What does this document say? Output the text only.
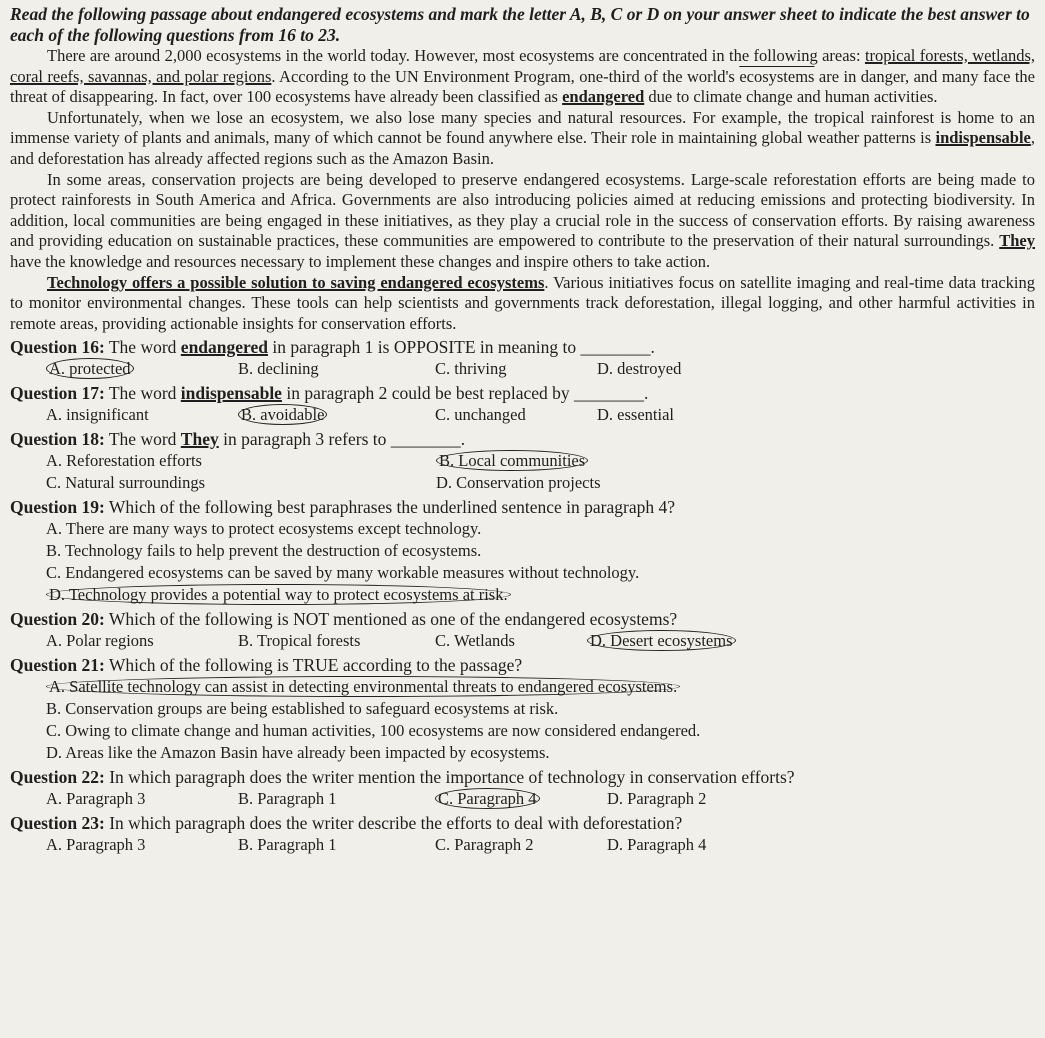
Read the following passage about endangered ecosystems and mark the letter A, B, C or D on your answer sheet to indicate the best answer to each of the following questions from 16 to 23.

There are around 2,000 ecosystems in the world today. However, most ecosystems are concentrated in the following areas: tropical forests, wetlands, coral reefs, savannas, and polar regions. According to the UN Environment Program, one-third of the world's ecosystems are in danger, and many face the threat of disappearing. In fact, over 100 ecosystems have already been classified as endangered due to climate change and human activities.

Unfortunately, when we lose an ecosystem, we also lose many species and natural resources. For example, the tropical rainforest is home to an immense variety of plants and animals, many of which cannot be found anywhere else. Their role in maintaining global weather patterns is indispensable, and deforestation has already affected regions such as the Amazon Basin.

In some areas, conservation projects are being developed to preserve endangered ecosystems. Large-scale reforestation efforts are being made to protect rainforests in South America and Africa. Governments are also introducing policies aimed at reducing emissions and protecting biodiversity. In addition, local communities are being engaged in these initiatives, as they play a crucial role in the success of conservation efforts. By raising awareness and providing education on sustainable practices, these communities are empowered to contribute to the preservation of their natural surroundings. They have the knowledge and resources necessary to implement these changes and inspire others to take action.

Technology offers a possible solution to saving endangered ecosystems. Various initiatives focus on satellite imaging and real-time data tracking to monitor environmental changes. These tools can help scientists and governments track deforestation, illegal logging, and other harmful activities in remote areas, providing actionable insights for conservation efforts.

Question 16: The word endangered in paragraph 1 is OPPOSITE in meaning to ________.

A. protected	B. declining	C. thriving	D. destroyed

Question 17: The word indispensable in paragraph 2 could be best replaced by ________.

A. insignificant	B. avoidable	C. unchanged	D. essential

Question 18: The word They in paragraph 3 refers to ________.

A. Reforestation efforts	B. Local communities
C. Natural surroundings	D. Conservation projects

Question 19: Which of the following best paraphrases the underlined sentence in paragraph 4?

A. There are many ways to protect ecosystems except technology.
B. Technology fails to help prevent the destruction of ecosystems.
C. Endangered ecosystems can be saved by many workable measures without technology.
D. Technology provides a potential way to protect ecosystems at risk.

Question 20: Which of the following is NOT mentioned as one of the endangered ecosystems?

A. Polar regions	B. Tropical forests	C. Wetlands	D. Desert ecosystems

Question 21: Which of the following is TRUE according to the passage?

A. Satellite technology can assist in detecting environmental threats to endangered ecosystems.
B. Conservation groups are being established to safeguard ecosystems at risk.
C. Owing to climate change and human activities, 100 ecosystems are now considered endangered.
D. Areas like the Amazon Basin have already been impacted by ecosystems.

Question 22: In which paragraph does the writer mention the importance of technology in conservation efforts?

A. Paragraph 3	B. Paragraph 1	C. Paragraph 4	D. Paragraph 2

Question 23: In which paragraph does the writer describe the efforts to deal with deforestation?

A. Paragraph 3	B. Paragraph 1	C. Paragraph 2	D. Paragraph 4
